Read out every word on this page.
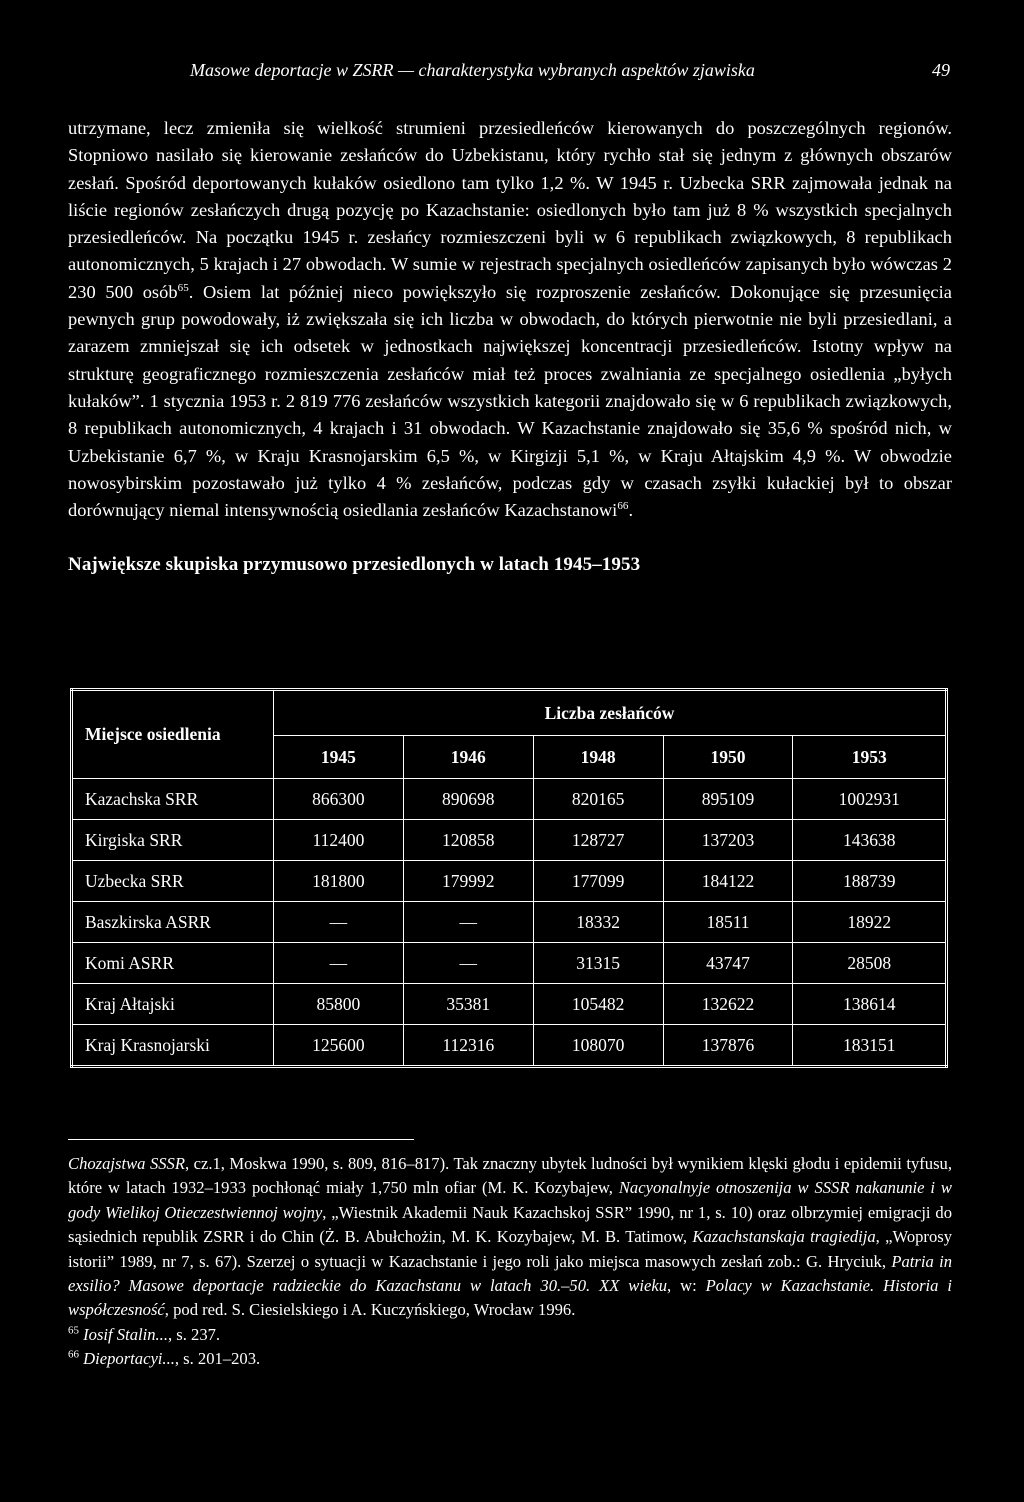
Masowe deportacje w ZSRR — charakterystyka wybranych aspektów zjawiska	49

utrzymane, lecz zmieniła się wielkość strumieni przesiedleńców kierowanych do poszczególnych regionów. Stopniowo nasilało się kierowanie zesłańców do Uzbekistanu, który rychło stał się jednym z głównych obszarów zesłań. Spośród deportowanych kułaków osiedlono tam tylko 1,2 %. W 1945 r. Uzbecka SRR zajmowała jednak na liście regionów zesłańczych drugą pozycję po Kazachstanie: osiedlonych było tam już 8 % wszystkich specjalnych przesiedleńców. Na początku 1945 r. zesłańcy rozmieszczeni byli w 6 republikach związkowych, 8 republikach autonomicznych, 5 krajach i 27 obwodach. W sumie w rejestrach specjalnych osiedleńców zapisanych było wówczas 2 230 500 osób$^{65}$. Osiem lat później nieco powiększyło się rozproszenie zesłańców. Dokonujące się przesunięcia pewnych grup powodowały, iż zwiększała się ich liczba w obwodach, do których pierwotnie nie byli przesiedlani, a zarazem zmniejszał się ich odsetek w jednostkach największej koncentracji przesiedleńców. Istotny wpływ na strukturę geograficznego rozmieszczenia zesłańców miał też proces zwalniania ze specjalnego osiedlenia „byłych kułaków”. 1 stycznia 1953 r. 2 819 776 zesłańców wszystkich kategorii znajdowało się w 6 republikach związkowych, 8 republikach autonomicznych, 4 krajach i 31 obwodach. W Kazachstanie znajdowało się 35,6 % spośród nich, w Uzbekistanie 6,7 %, w Kraju Krasnojarskim 6,5 %, w Kirgizji 5,1 %, w Kraju Ałtajskim 4,9 %. W obwodzie nowosybirskim pozostawało już tylko 4 % zesłańców, podczas gdy w czasach zsyłki kułackiej był to obszar dorównujący niemal intensywnością osiedlania zesłańców Kazachstanowi$^{66}$.

Największe skupiska przymusowo przesiedlonych w latach 1945–1953
Miejsce osiedlenia	Liczba zesłańców				
	1945	1946	1948	1950	1953
Kazachska SRR	866300	890698	820165	895109	1002931
Kirgiska SRR	112400	120858	128727	137203	143638
Uzbecka SRR	181800	179992	177099	184122	188739
Baszkirska ASRR	—	—	18332	18511	18922
Komi ASRR	—	—	31315	43747	28508
Kraj Ałtajski	85800	35381	105482	132622	138614
Kraj Krasnojarski	125600	112316	108070	137876	183151
Chozajstwa SSSR, cz.1, Moskwa 1990, s. 809, 816–817). Tak znaczny ubytek ludności był wynikiem klęski głodu i epidemii tyfusu, które w latach 1932–1933 pochłonąć miały 1,750 mln ofiar (M. K. Kozybajew, Nacyonalnyje otnoszenija w SSSR nakanunie i w gody Wielikoj Otieczestwiennoj wojny, „Wiestnik Akademii Nauk Kazachskoj SSR” 1990, nr 1, s. 10) oraz olbrzymiej emigracji do sąsiednich republik ZSRR i do Chin (Ż. B. Abułchożin, M. K. Kozybajew, M. B. Tatimow, Kazachstanskaja tragiedija, „Woprosy istorii” 1989, nr 7, s. 67). Szerzej o sytuacji w Kazachstanie i jego roli jako miejsca masowych zesłań zob.: G. Hryciuk, Patria in exsilio? Masowe deportacje radzieckie do Kazachstanu w latach 30.–50. XX wieku, w: Polacy w Kazachstanie. Historia i współczesność, pod red. S. Ciesielskiego i A. Kuczyńskiego, Wrocław 1996.
$^{65}$ Iosif Stalin..., s. 237.
$^{66}$ Dieportacyi..., s. 201–203.
